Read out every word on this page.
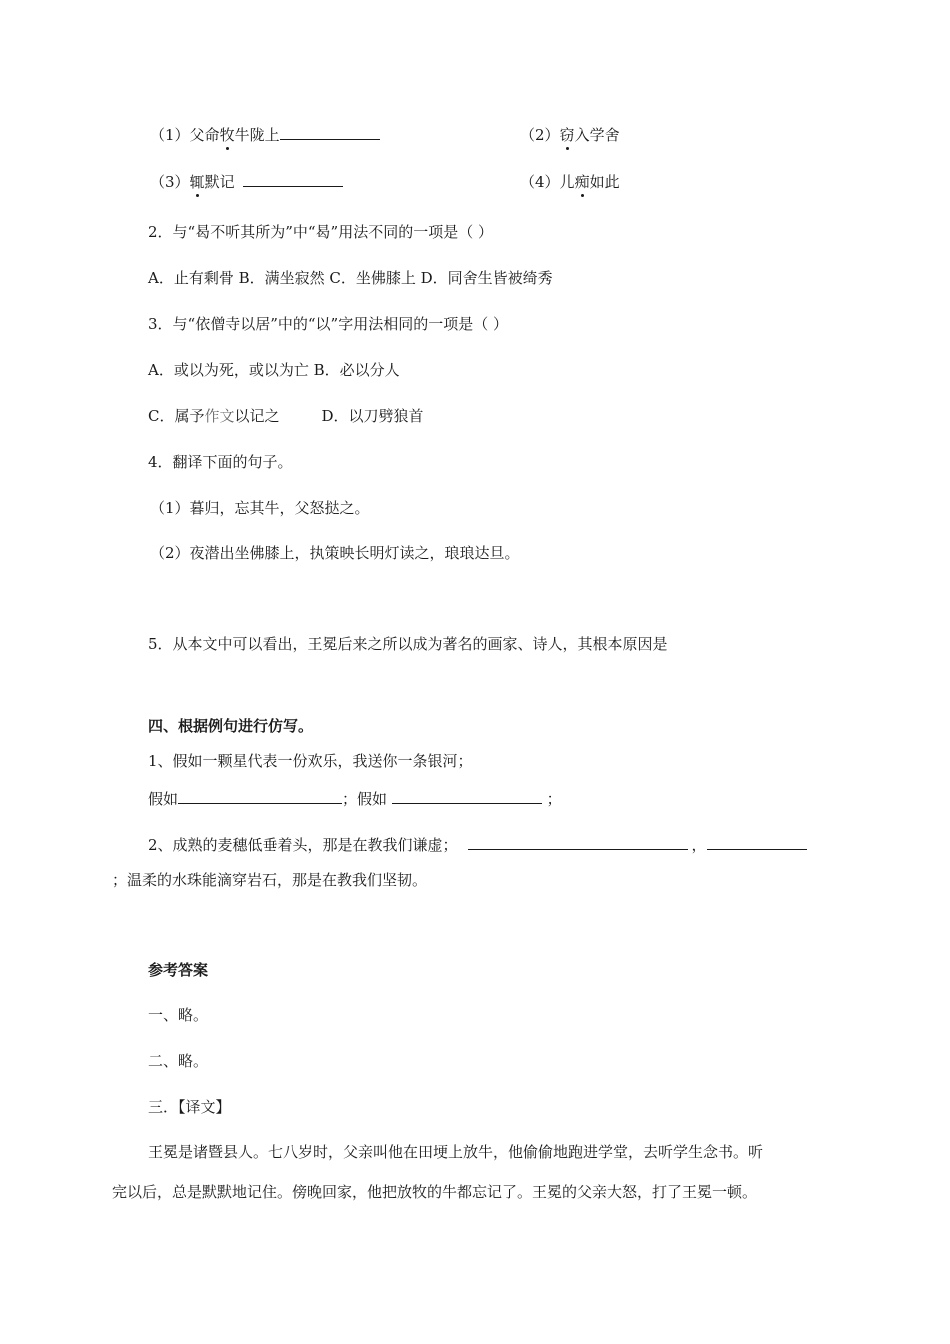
（1）父命牧牛陇上	（2）窃入学舍
（3）辄默记	（4）儿痴如此
2．与“曷不听其所为”中“曷”用法不同的一项是（ ）
A．止有剩骨 B．满坐寂然 C．坐佛膝上 D．同舍生皆被绮秀
3．与“依僧寺以居”中的“以”字用法相同的一项是（ ）
A．或以为死，或以为亡 B．必以分人
C．属予作文以记之	D．以刀劈狼首
4．翻译下面的句子。
（1）暮归，忘其牛，父怒挞之。
（2）夜潜出坐佛膝上，执策映长明灯读之，琅琅达旦。
5．从本文中可以看出，王冕后来之所以成为著名的画家、诗人，其根本原因是
四、根据例句进行仿写。
1、假如一颗星代表一份欢乐，我送你一条银河；
假如	；假如	；
2、成熟的麦穗低垂着头，那是在教我们谦虚；	，
；温柔的水珠能滴穿岩石，那是在教我们坚韧。
参考答案
一、略。
二、略。
三．【译文】
王冕是诸暨县人。七八岁时，父亲叫他在田埂上放牛，他偷偷地跑进学堂，去听学生念书。听
完以后，总是默默地记住。傍晚回家，他把放牧的牛都忘记了。王冕的父亲大怒，打了王冕一顿。
